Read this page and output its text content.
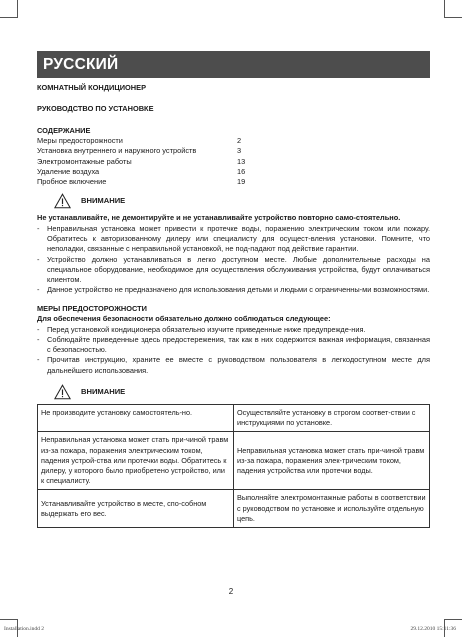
РУССКИЙ

КОМНАТНЫЙ КОНДИЦИОНЕР

РУКОВОДСТВО ПО УСТАНОВКЕ

СОДЕРЖАНИЕ

Меры предосторожности	2	
Установка внутреннего и наружного устройств	3	
Электромонтажные работы	13	
Удаление воздуха	16	
Пробное включение	19	
ВНИМАНИЕ

Не устанавливайте, не демонтируйте и не устанавливайте устройство повторно само-стоятельно.

- Неправильная установка может привести к протечке воды, поражению электрическим током или пожару. Обратитесь к авторизованному дилеру или специалисту для осущест-вления установки. Помните, что неполадки, связанные с неправильной установкой, не под-падают под действие гарантии.
- Устройство должно устанавливаться в легко доступном месте. Любые дополнительные расходы на специальное оборудование, необходимое для осуществления обслуживания устройства, будут оплачиваться клиентом.
- Данное устройство не предназначено для использования детьми и людьми с ограниченны-ми возможностями.

МЕРЫ ПРЕДОСТОРОЖНОСТИ

Для обеспечения безопасности обязательно должно соблюдаться следующее:

- Перед установкой кондиционера обязательно изучите приведенные ниже предупрежде-ния.
- Соблюдайте приведенные здесь предостережения, так как в них содержится важная информация, связанная с безопасностью.
- Прочитав инструкцию, храните ее вместе с руководством пользователя в легкодоступном месте для дальнейшего использования.
ВНИМАНИЕ
Не производите установку самостоятель-но.	Осуществляйте установку в строгом соответ-ствии с инструкциями по установке.
Неправильная установка может стать при-чиной травм из-за пожара, поражения электрическим током, падения устрой-ства или протечки воды. Обратитесь к дилеру, у которого было приобретено устройство, или к специалисту.	Неправильная установка может стать при-чиной травм из-за пожара, поражения элек-трическим током, падения устройства или протечки воды.
Устанавливайте устройство в месте, спо-собном выдержать его вес.	Выполняйте электромонтажные работы в соответствии с руководством по установке и используйте отдельную цепь.
2
Installation.indd 2	29.12.2010 15:11:36
